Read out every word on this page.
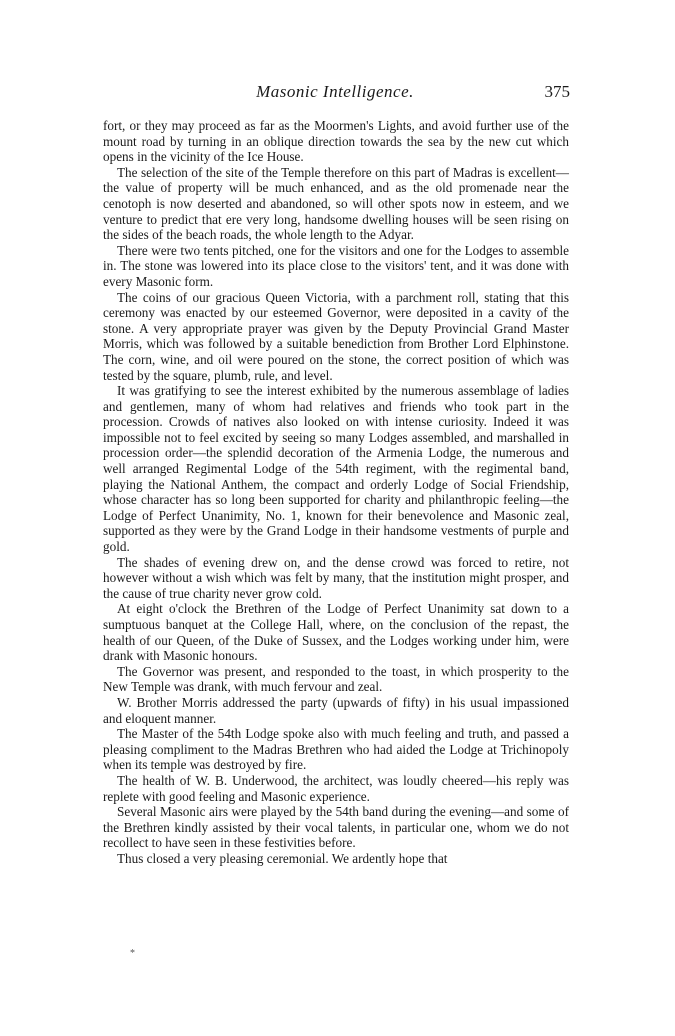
Masonic Intelligence.	375

fort, or they may proceed as far as the Moormen's Lights, and avoid further use of the mount road by turning in an oblique direction towards the sea by the new cut which opens in the vicinity of the Ice House.

The selection of the site of the Temple therefore on this part of Madras is excellent—the value of property will be much enhanced, and as the old promenade near the cenotoph is now deserted and abandoned, so will other spots now in esteem, and we venture to predict that ere very long, handsome dwelling houses will be seen rising on the sides of the beach roads, the whole length to the Adyar.

There were two tents pitched, one for the visitors and one for the Lodges to assemble in. The stone was lowered into its place close to the visitors' tent, and it was done with every Masonic form.

The coins of our gracious Queen Victoria, with a parchment roll, stating that this ceremony was enacted by our esteemed Governor, were deposited in a cavity of the stone. A very appropriate prayer was given by the Deputy Provincial Grand Master Morris, which was followed by a suitable benediction from Brother Lord Elphinstone. The corn, wine, and oil were poured on the stone, the correct position of which was tested by the square, plumb, rule, and level.

It was gratifying to see the interest exhibited by the numerous assemblage of ladies and gentlemen, many of whom had relatives and friends who took part in the procession. Crowds of natives also looked on with intense curiosity. Indeed it was impossible not to feel excited by seeing so many Lodges assembled, and marshalled in procession order—the splendid decoration of the Armenia Lodge, the numerous and well arranged Regimental Lodge of the 54th regiment, with the regimental band, playing the National Anthem, the compact and orderly Lodge of Social Friendship, whose character has so long been supported for charity and philanthropic feeling—the Lodge of Perfect Unanimity, No. 1, known for their benevolence and Masonic zeal, supported as they were by the Grand Lodge in their handsome vestments of purple and gold.

The shades of evening drew on, and the dense crowd was forced to retire, not however without a wish which was felt by many, that the institution might prosper, and the cause of true charity never grow cold.

At eight o'clock the Brethren of the Lodge of Perfect Unanimity sat down to a sumptuous banquet at the College Hall, where, on the conclusion of the repast, the health of our Queen, of the Duke of Sussex, and the Lodges working under him, were drank with Masonic honours.

The Governor was present, and responded to the toast, in which prosperity to the New Temple was drank, with much fervour and zeal.

W. Brother Morris addressed the party (upwards of fifty) in his usual impassioned and eloquent manner.

The Master of the 54th Lodge spoke also with much feeling and truth, and passed a pleasing compliment to the Madras Brethren who had aided the Lodge at Trichinopoly when its temple was destroyed by fire.

The health of W. B. Underwood, the architect, was loudly cheered—his reply was replete with good feeling and Masonic experience.

Several Masonic airs were played by the 54th band during the evening—and some of the Brethren kindly assisted by their vocal talents, in particular one, whom we do not recollect to have seen in these festivities before.

Thus closed a very pleasing ceremonial. We ardently hope that

*
